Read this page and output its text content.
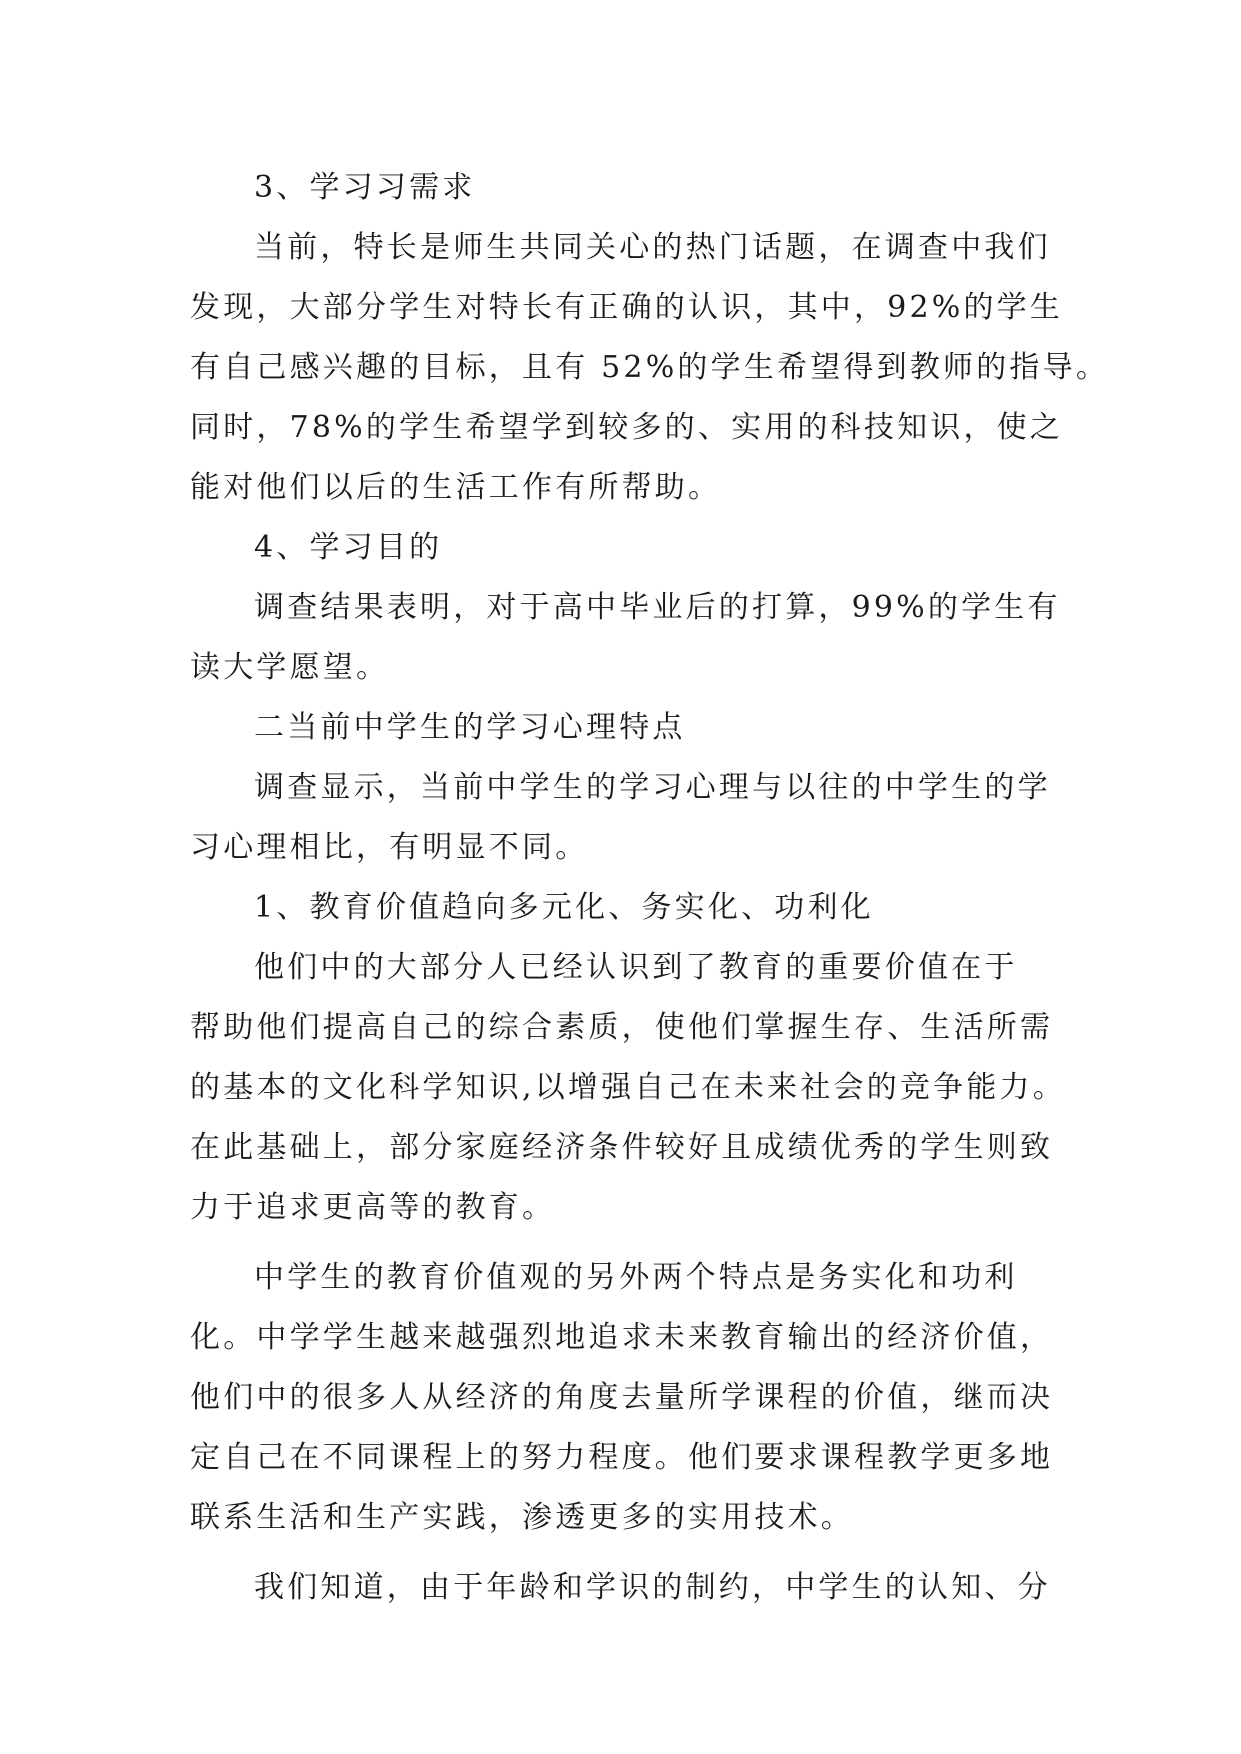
3、学习习需求
当前，特长是师生共同关心的热门话题，在调查中我们
发现，大部分学生对特长有正确的认识，其中，92%的学生
有自己感兴趣的目标，且有 52%的学生希望得到教师的指导。
同时，78%的学生希望学到较多的、实用的科技知识，使之
能对他们以后的生活工作有所帮助。
4、学习目的
调查结果表明，对于高中毕业后的打算，99%的学生有
读大学愿望。
二当前中学生的学习心理特点
调查显示，当前中学生的学习心理与以往的中学生的学
习心理相比，有明显不同。
1、教育价值趋向多元化、务实化、功利化
他们中的大部分人已经认识到了教育的重要价值在于
帮助他们提高自己的综合素质，使他们掌握生存、生活所需
的基本的文化科学知识,以增强自己在未来社会的竞争能力。
在此基础上，部分家庭经济条件较好且成绩优秀的学生则致
力于追求更高等的教育。
中学生的教育价值观的另外两个特点是务实化和功利
化。中学学生越来越强烈地追求未来教育输出的经济价值，
他们中的很多人从经济的角度去量所学课程的价值，继而决
定自己在不同课程上的努力程度。他们要求课程教学更多地
联系生活和生产实践，渗透更多的实用技术。
我们知道，由于年龄和学识的制约，中学生的认知、分
